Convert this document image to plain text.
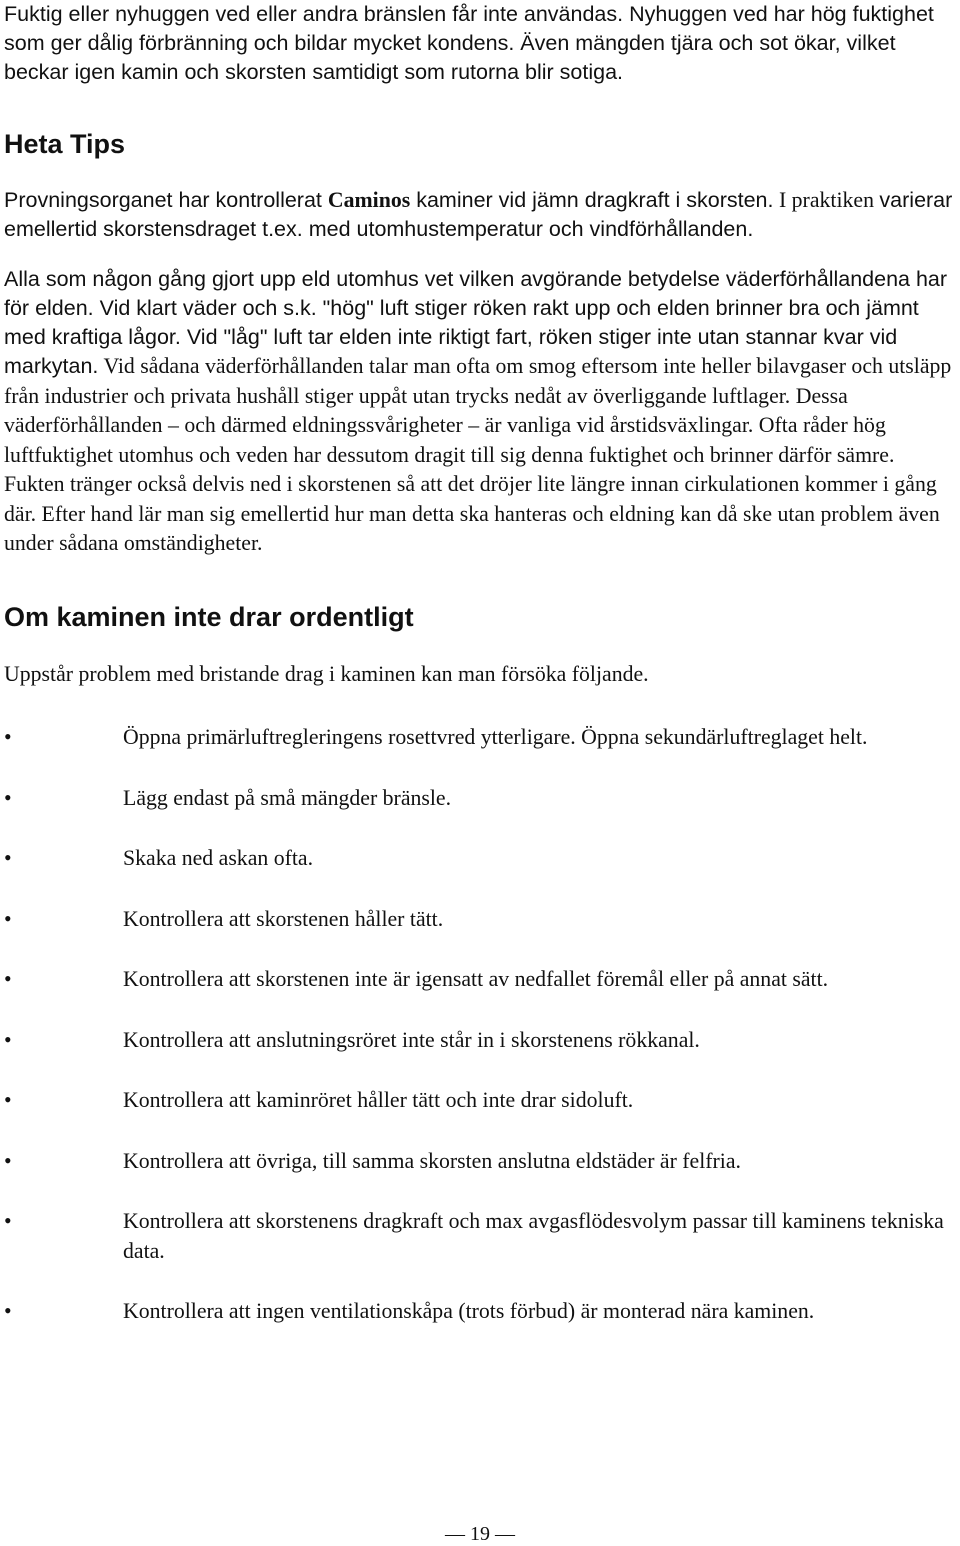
Fuktig eller nyhuggen ved eller andra bränslen får inte användas. Nyhuggen ved har hög fuktighet som ger dålig förbränning och bildar mycket kondens. Även mängden tjära och sot ökar, vilket beckar igen kamin och skorsten samtidigt som rutorna blir sotiga.

Heta Tips

Provningsorganet har kontrollerat Caminos kaminer vid jämn dragkraft i skorsten. I praktiken varierar emellertid skorstensdraget t.ex. med utomhustemperatur och vindförhållanden.

Alla som någon gång gjort upp eld utomhus vet vilken avgörande betydelse väderförhållandena har för elden. Vid klart väder och s.k. "hög" luft stiger röken rakt upp och elden brinner bra och jämnt med kraftiga lågor. Vid "låg" luft tar elden inte riktigt fart, röken stiger inte utan stannar kvar vid markytan. Vid sådana väderförhållanden talar man ofta om smog eftersom inte heller bilavgaser och utsläpp från industrier och privata hushåll stiger uppåt utan trycks nedåt av överliggande luftlager. Dessa väderförhållanden – och därmed eldningssvårigheter – är vanliga vid årstidsväxlingar. Ofta råder hög luftfuktighet utomhus och veden har dessutom dragit till sig denna fuktighet och brinner därför sämre. Fukten tränger också delvis ned i skorstenen så att det dröjer lite längre innan cirkulationen kommer i gång där. Efter hand lär man sig emellertid hur man detta ska hanteras och eldning kan då ske utan problem även under sådana omständigheter.

Om kaminen inte drar ordentligt

Uppstår problem med bristande drag i kaminen kan man försöka följande.

•	Öppna primärluftregleringens rosettvred ytterligare. Öppna sekundärluftreglaget helt.
•	Lägg endast på små mängder bränsle.
•	Skaka ned askan ofta.
•	Kontrollera att skorstenen håller tätt.
•	Kontrollera att skorstenen inte är igensatt av nedfallet föremål eller på annat sätt.
•	Kontrollera att anslutningsröret inte står in i skorstenens rökkanal.
•	Kontrollera att kaminröret håller tätt och inte drar sidoluft.
•	Kontrollera att övriga, till samma skorsten anslutna eldstäder är felfria.
•	Kontrollera att skorstenens dragkraft och max avgasflödesvolym passar till kaminens tekniska data.
•	Kontrollera att ingen ventilationskåpa (trots förbud) är monterad nära kaminen.
— 19 —
